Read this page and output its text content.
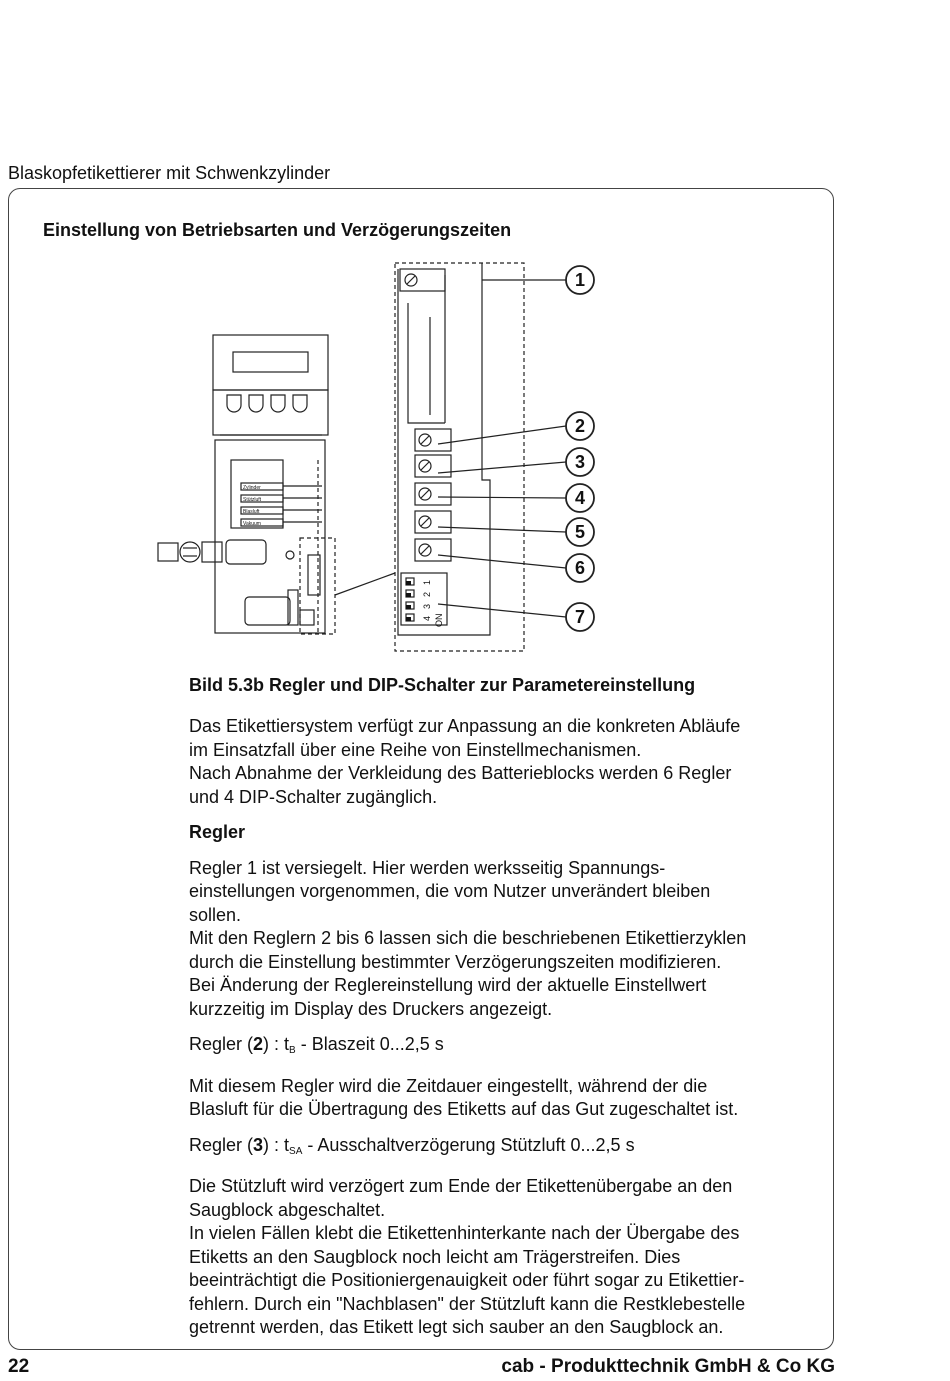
Blaskopfetikettierer mit Schwenkzylinder
Einstellung von Betriebsarten und Verzögerungszeiten
1
2
3
4
5
6
7
Zylinder
Stützluft
Blasluft
Vakuum
1
2
3
4 ON
Bild 5.3b Regler und DIP-Schalter zur Parametereinstellung

Das Etikettiersystem verfügt zur Anpassung an die konkreten Abläufe
im Einsatzfall über eine Reihe von Einstellmechanismen.
Nach Abnahme der Verkleidung des Batterieblocks werden 6 Regler
und 4 DIP-Schalter zugänglich.

Regler

Regler 1 ist versiegelt. Hier werden werksseitig Spannungs-
einstellungen vorgenommen, die vom Nutzer unverändert bleiben
sollen.
Mit den Reglern 2 bis 6 lassen sich die beschriebenen Etikettierzyklen
durch die Einstellung bestimmter Verzögerungszeiten modifizieren.
Bei Änderung der Reglereinstellung wird der aktuelle Einstellwert
kurzzeitig im Display des Druckers angezeigt.

Regler (2) : $t_B$ - Blaszeit 0...2,5 s

Mit diesem Regler wird die Zeitdauer eingestellt, während der die
Blasluft für die Übertragung des Etiketts auf das Gut zugeschaltet ist.

Regler (3) : $t_{SA}$ - Ausschaltverzögerung Stützluft 0...2,5 s

Die Stützluft wird verzögert zum Ende der Etikettenübergabe an den
Saugblock abgeschaltet.
In vielen Fällen klebt die Etikettenhinterkante nach der Übergabe des
Etiketts an den Saugblock noch leicht am Trägerstreifen. Dies
beeinträchtigt die Positioniergenauigkeit oder führt sogar zu Etikettier-
fehlern. Durch ein "Nachblasen" der Stützluft kann die Restklebestelle
getrennt werden, das Etikett legt sich sauber an den Saugblock an.

22	cab - Produkttechnik GmbH & Co KG
